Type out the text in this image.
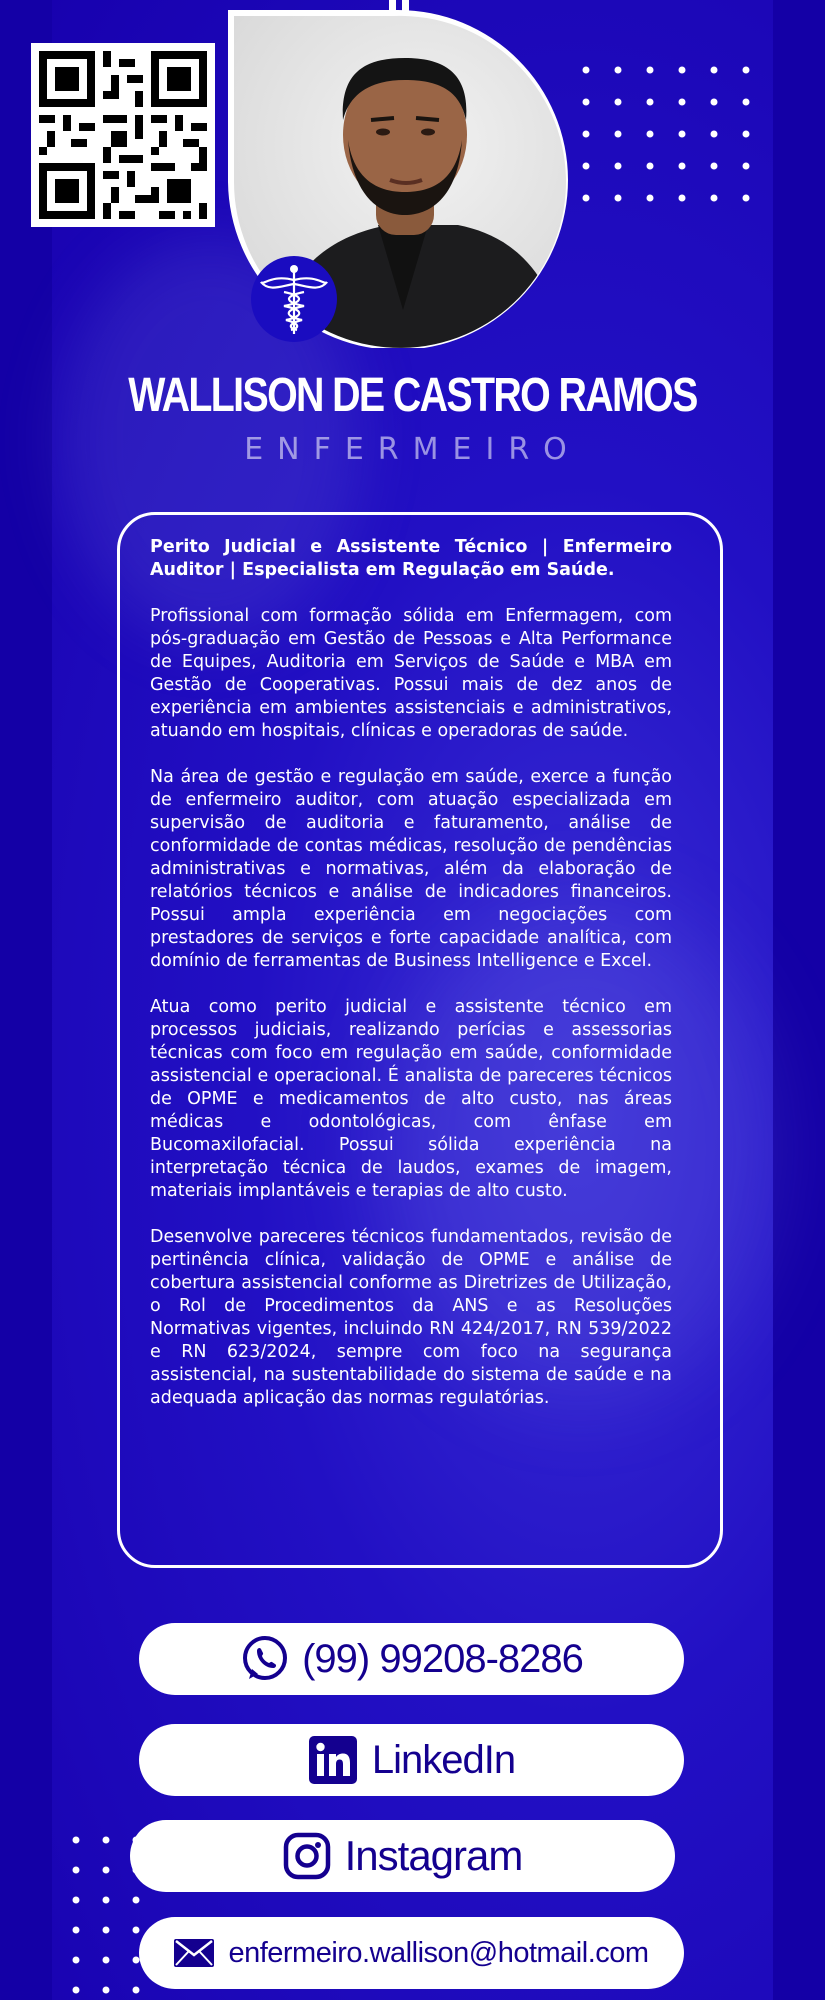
WALLISON DE CASTRO RAMOS
ENFERMEIRO

Perito Judicial e Assistente Técnico | Enfermeiro Auditor | Especialista em Regulação em Saúde.

Profissional com formação sólida em Enfermagem, com pós-graduação em Gestão de Pessoas e Alta Performance de Equipes, Auditoria em Serviços de Saúde e MBA em Gestão de Cooperativas. Possui mais de dez anos de experiência em ambientes assistenciais e administrativos, atuando em hospitais, clínicas e operadoras de saúde.

Na área de gestão e regulação em saúde, exerce a função de enfermeiro auditor, com atuação especializada em supervisão de auditoria e faturamento, análise de conformidade de contas médicas, resolução de pendências administrativas e normativas, além da elaboração de relatórios técnicos e análise de indicadores financeiros. Possui ampla experiência em negociações com prestadores de serviços e forte capacidade analítica, com domínio de ferramentas de Business Intelligence e Excel.

Atua como perito judicial e assistente técnico em processos judiciais, realizando perícias e assessorias técnicas com foco em regulação em saúde, conformidade assistencial e operacional. É analista de pareceres técnicos de OPME e medicamentos de alto custo, nas áreas médicas e odontológicas, com ênfase em Bucomaxilofacial. Possui sólida experiência na interpretação técnica de laudos, exames de imagem, materiais implantáveis e terapias de alto custo.

Desenvolve pareceres técnicos fundamentados, revisão de pertinência clínica, validação de OPME e análise de cobertura assistencial conforme as Diretrizes de Utilização, o Rol de Procedimentos da ANS e as Resoluções Normativas vigentes, incluindo RN 424/2017, RN 539/2022 e RN 623/2024, sempre com foco na segurança assistencial, na sustentabilidade do sistema de saúde e na adequada aplicação das normas regulatórias.

(99) 99208-8286
LinkedIn
Instagram
enfermeiro.wallison@hotmail.com
